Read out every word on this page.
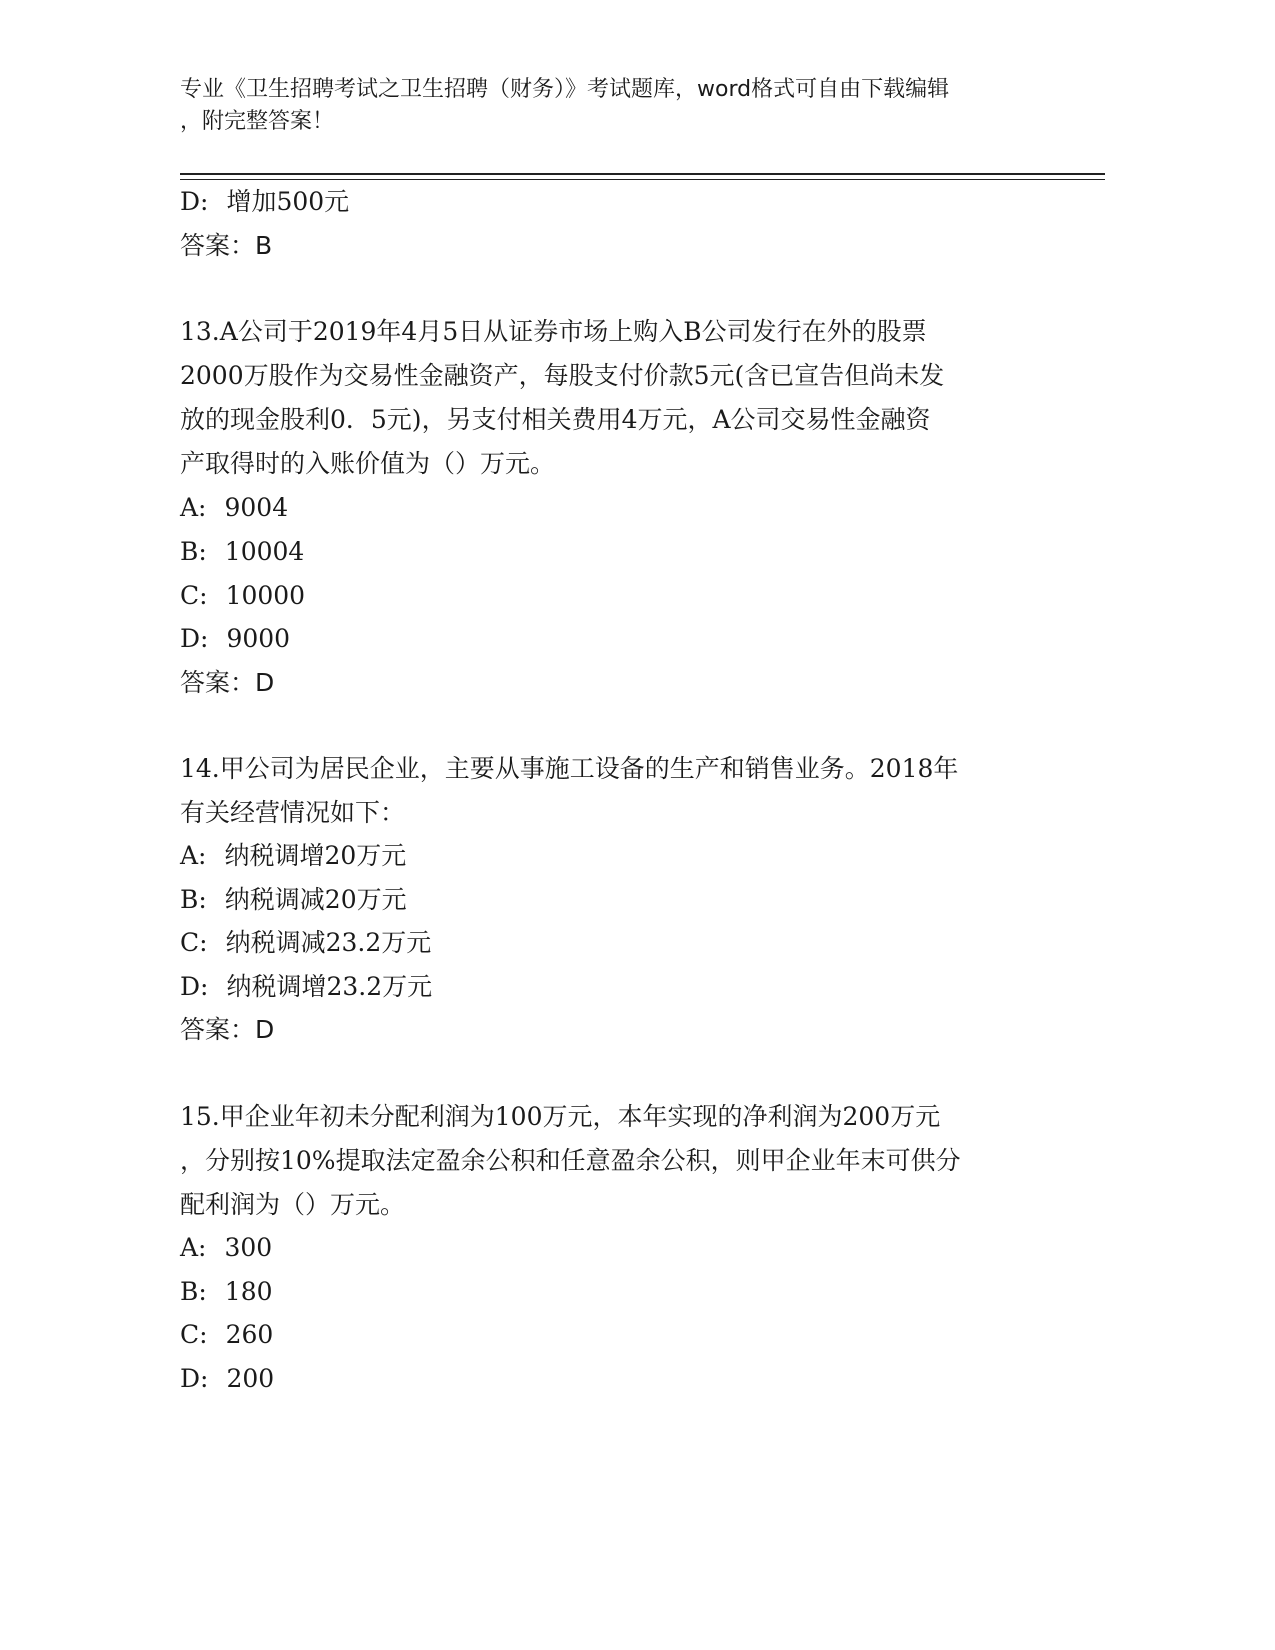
专业《卫生招聘考试之卫生招聘（财务）》考试题库，word格式可自由下载编辑
，附完整答案！
D: 增加500元
答案：B
13.A公司于2019年4月5日从证券市场上购入B公司发行在外的股票
2000万股作为交易性金融资产，每股支付价款5元(含已宣告但尚未发
放的现金股利0．5元)，另支付相关费用4万元，A公司交易性金融资
产取得时的入账价值为（）万元。
A: 9004
B: 10004
C: 10000
D: 9000
答案：D
14.甲公司为居民企业，主要从事施工设备的生产和销售业务。2018年
有关经营情况如下：
A: 纳税调增20万元
B: 纳税调减20万元
C: 纳税调减23.2万元
D: 纳税调增23.2万元
答案：D
15.甲企业年初未分配利润为100万元，本年实现的净利润为200万元
，分别按10%提取法定盈余公积和任意盈余公积，则甲企业年末可供分
配利润为（）万元。
A: 300
B: 180
C: 260
D: 200
